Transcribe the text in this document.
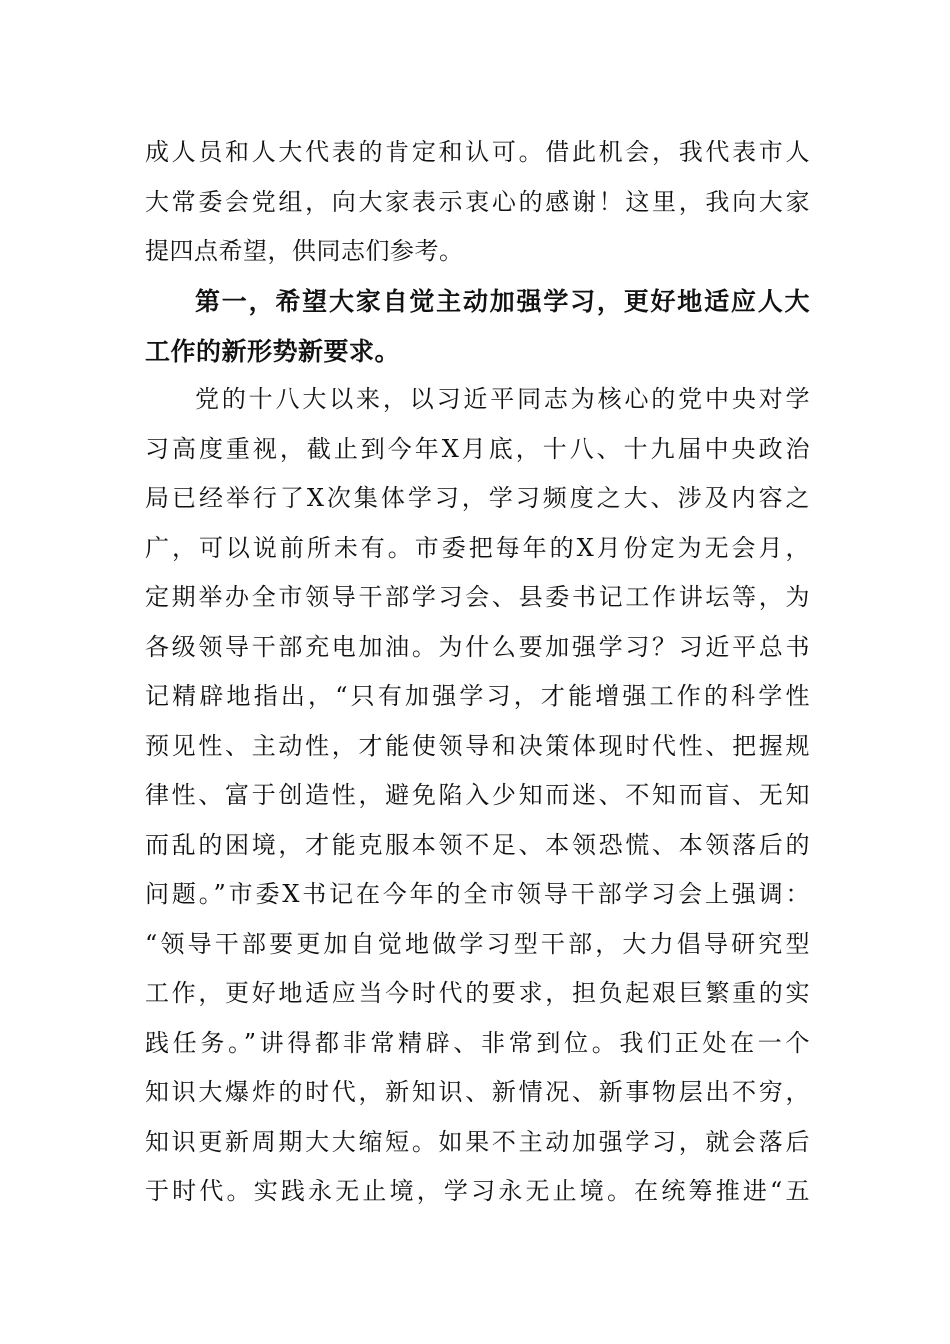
成人员和人大代表的肯定和认可。借此机会，我代表市人
大常委会党组，向大家表示衷心的感谢！这里，我向大家
提四点希望，供同志们参考。
第一，希望大家自觉主动加强学习，更好地适应人大
工作的新形势新要求。
党的十八大以来，以习近平同志为核心的党中央对学
习高度重视，截止到今年X月底，十八、十九届中央政治
局已经举行了X次集体学习，学习频度之大、涉及内容之
广，可以说前所未有。市委把每年的X月份定为无会月，
定期举办全市领导干部学习会、县委书记工作讲坛等，为
各级领导干部充电加油。为什么要加强学习？习近平总书
记精辟地指出，“只有加强学习，才能增强工作的科学性
预见性、主动性，才能使领导和决策体现时代性、把握规
律性、富于创造性，避免陷入少知而迷、不知而盲、无知
而乱的困境，才能克服本领不足、本领恐慌、本领落后的
问题。”市委X书记在今年的全市领导干部学习会上强调：
“领导干部要更加自觉地做学习型干部，大力倡导研究型
工作，更好地适应当今时代的要求，担负起艰巨繁重的实
践任务。”讲得都非常精辟、非常到位。我们正处在一个
知识大爆炸的时代，新知识、新情况、新事物层出不穷，
知识更新周期大大缩短。如果不主动加强学习，就会落后
于时代。实践永无止境，学习永无止境。在统筹推进“五
